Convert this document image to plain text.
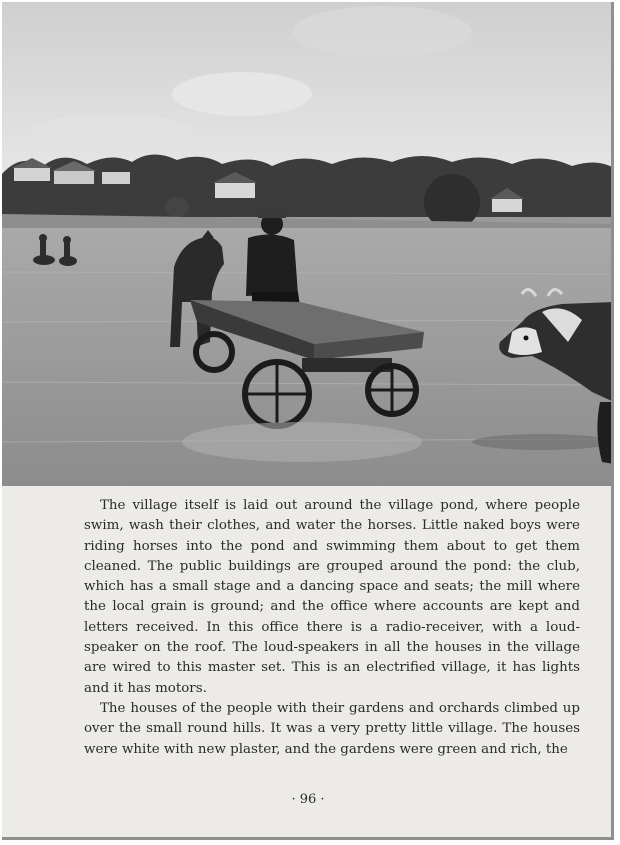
The village itself is laid out around the village pond, where people swim, wash their clothes, and water the horses. Little naked boys were riding horses into the pond and swimming them about to get them cleaned. The public buildings are grouped around the pond: the club, which has a small stage and a dancing space and seats; the mill where the local grain is ground; and the office where accounts are kept and letters received. In this office there is a radio-receiver, with a loud-speaker on the roof. The loud-speakers in all the houses in the village are wired to this master set. This is an electrified village, it has lights and it has motors.

The houses of the people with their gardens and orchards climbed up over the small round hills. It was a very pretty little village. The houses were white with new plaster, and the gardens were green and rich, the

· 96 ·
